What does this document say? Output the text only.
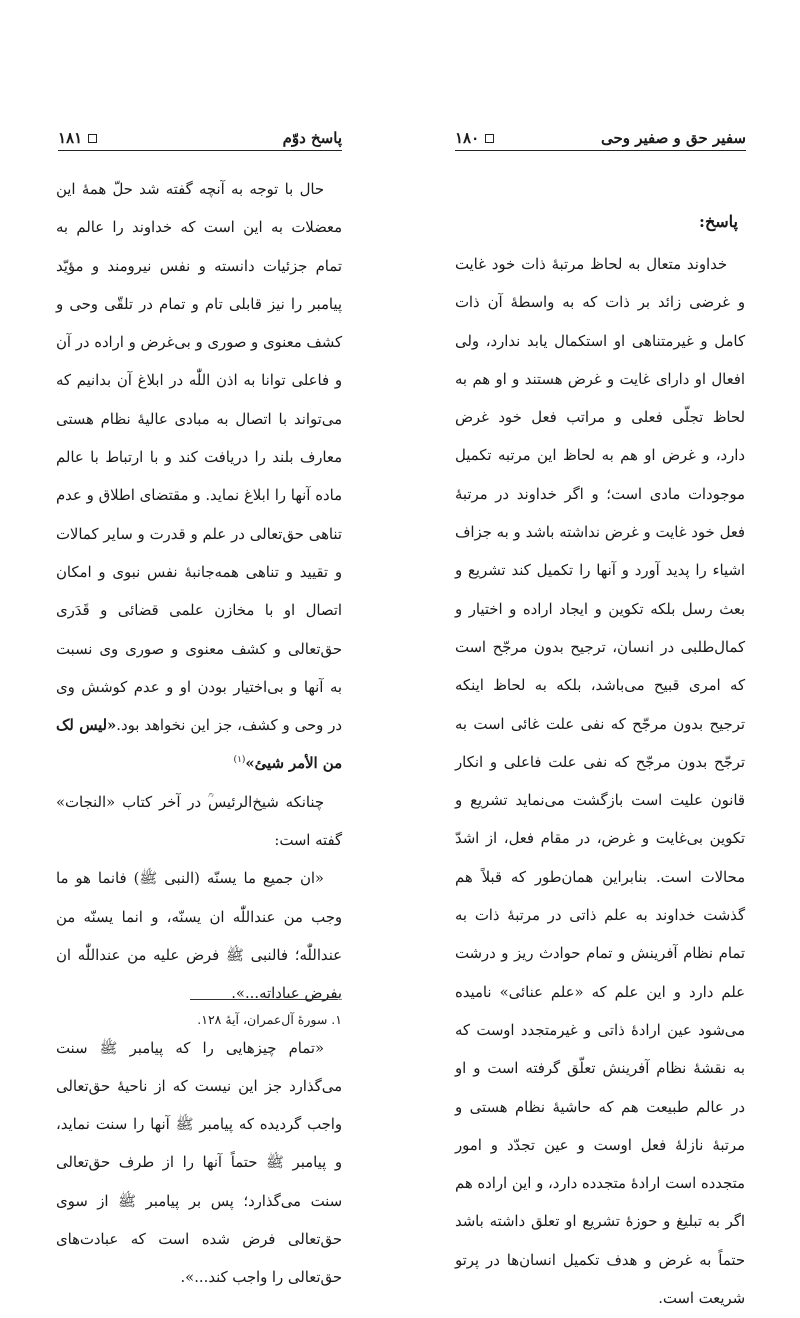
۱۸۱	پاسخ دوّم

حال با توجه به آنچه گفته شد حلّ همهٔ این معضلات به این است که خداوند را عالم به تمام جزئیات دانسته و نفس نیرومند و مؤیّد پیامبر را نیز قابلی تام و تمام در تلقّی وحی و کشف معنوی و صوری و بی‌غرض و اراده در آن و فاعلی توانا به اذن اللّٰه در ابلاغ آن بدانیم که می‌تواند با اتصال به مبادی عالیهٔ نظام هستی معارف بلند را دریافت کند و با ارتباط با عالم ماده آنها را ابلاغ نماید. و مقتضای اطلاق و عدم تناهی حق‌تعالی در علم و قدرت و سایر کمالات و تقیید و تناهی همه‌جانبهٔ نفس نبوی و امکان اتصال او با مخازن علمی قضائی و قَدَری حق‌تعالی و کشف معنوی و صوری وی نسبت به آنها و بی‌اختیار بودن او و عدم کوشش وی در وحی و کشف، جز این نخواهد بود.«لیس لک من الأمر شیئ»$^{(۱)}$

چنانکه شیخ‌الرئیس‌ؒ در آخر کتاب «النجات» گفته است:

«ان جمیع ما یسنّه (النبی ﷺ) فانما هو ما وجب من عنداللّٰه ان یسنّه، و انما یسنّه من عنداللّٰه؛ فالنبی ﷺ فرض علیه من عنداللّٰه ان یفرض عباداته...».

«تمام چیزهایی را که پیامبر ﷺ سنت می‌گذارد جز این نیست که از ناحیهٔ حق‌تعالی واجب گردیده که پیامبر ﷺ آنها را سنت نماید، و پیامبر ﷺ حتماً آنها را از طرف حق‌تعالی سنت می‌گذارد؛ پس بر پیامبر ﷺ از سوی حق‌تعالی فرض شده است که عبادت‌های حق‌تعالی را واجب کند...».

۱. سورهٔ آل‌عمران، آیهٔ ۱۲۸.
۱۸۰	سفیر حق و صفیر وحی
پاسخ:

خداوند متعال به لحاظ مرتبهٔ ذات خود غایت و غرضی زائد بر ذات که به واسطهٔ آن ذات کامل و غیرمتناهی او استکمال یابد ندارد، ولی افعال او دارای غایت و غرض هستند و او هم به لحاظ تجلّی فعلی و مراتب فعل خود غرض دارد، و غرض او هم به لحاظ این مرتبه تکمیل موجودات مادی است؛ و اگر خداوند در مرتبهٔ فعل خود غایت و غرض نداشته باشد و به جزاف اشیاء را پدید آورد و آنها را تکمیل کند تشریع و بعث رسل بلکه تکوین و ایجاد اراده و اختیار و کمال‌طلبی در انسان، ترجیح بدون مرجّح است که امری قبیح می‌باشد، بلکه به لحاظ اینکه ترجیح بدون مرجّح که نفی علت غائی است به ترجّح بدون مرجّح که نفی علت فاعلی و انکار قانون علیت است بازگشت می‌نماید تشریع و تکوین بی‌غایت و غرض، در مقام فعل، از اشدّ محالات است. بنابراین همان‌طور که قبلاً هم گذشت خداوند به علم ذاتی در مرتبهٔ ذات به تمام نظام آفرینش و تمام حوادث ریز و درشت علم دارد و این علم که «علم عنائی» نامیده می‌شود عین ارادهٔ ذاتی و غیرمتجدد اوست که به نقشهٔ نظام آفرینش تعلّق گرفته است و او در عالم طبیعت هم که حاشیهٔ نظام هستی و مرتبهٔ نازلهٔ فعل اوست و عین تجدّد و امور متجدده است ارادهٔ متجدده دارد، و این اراده هم اگر به تبلیغ و حوزهٔ تشریع او تعلق داشته باشد حتماً به غرض و هدف تکمیل انسان‌ها در پرتو شریعت است.
